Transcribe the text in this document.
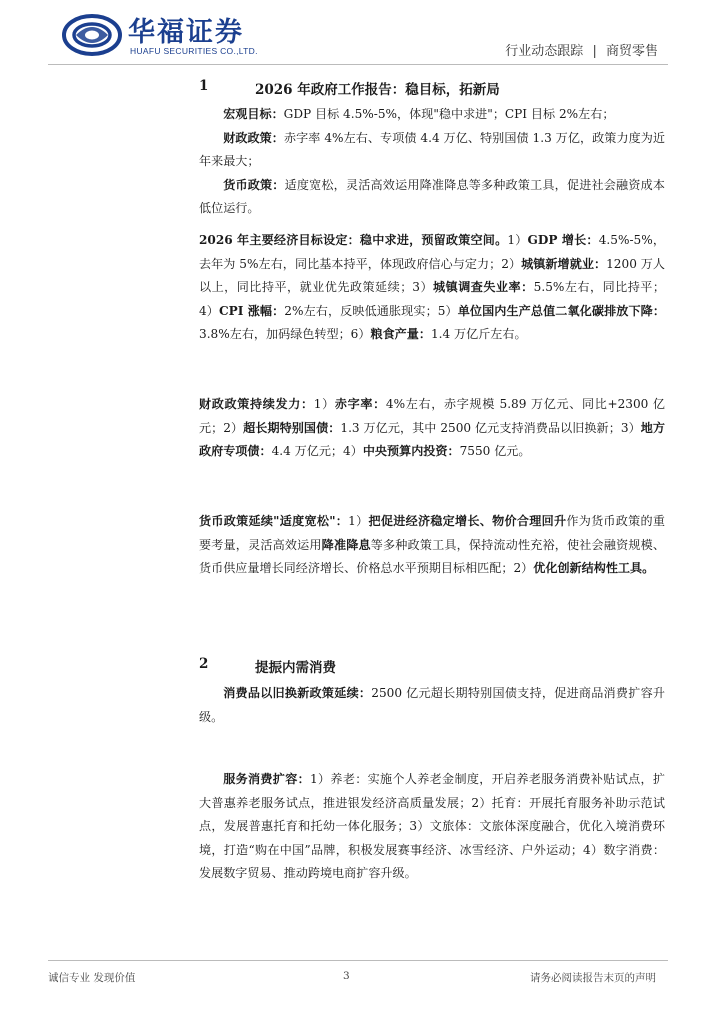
华福证券
HUAFU SECURITIES CO.,LTD.	行业动态跟踪 | 商贸零售
1	2026 年政府工作报告：稳目标，拓新局

宏观目标：GDP 目标 4.5%-5%，体现"稳中求进"；CPI 目标 2%左右；

财政政策：赤字率 4%左右、专项债 4.4 万亿、特别国债 1.3 万亿，政策力度为近年来最大；

货币政策：适度宽松，灵活高效运用降准降息等多种政策工具，促进社会融资成本低位运行。

2026 年主要经济目标设定：稳中求进，预留政策空间。1）GDP 增长：4.5%-5%，去年为 5%左右，同比基本持平，体现政府信心与定力；2）城镇新增就业：1200 万人以上，同比持平，就业优先政策延续；3）城镇调查失业率：5.5%左右，同比持平；4）CPI 涨幅：2%左右，反映低通胀现实；5）单位国内生产总值二氧化碳排放下降：3.8%左右，加码绿色转型；6）粮食产量：1.4 万亿斤左右。

财政政策持续发力：1）赤字率：4%左右，赤字规模 5.89 万亿元、同比+2300 亿元；2）超长期特别国债：1.3 万亿元，其中 2500 亿元支持消费品以旧换新；3）地方政府专项债：4.4 万亿元；4）中央预算内投资：7550 亿元。

货币政策延续"适度宽松"：1）把促进经济稳定增长、物价合理回升作为货币政策的重要考量，灵活高效运用降准降息等多种政策工具，保持流动性充裕，使社会融资规模、货币供应量增长同经济增长、价格总水平预期目标相匹配；2）优化创新结构性工具。

2	提振内需消费

消费品以旧换新政策延续：2500 亿元超长期特别国债支持，促进商品消费扩容升级。

服务消费扩容：1）养老：实施个人养老金制度，开启养老服务消费补贴试点，扩大普惠养老服务试点，推进银发经济高质量发展；2）托育：开展托育服务补助示范试点，发展普惠托育和托幼一体化服务；3）文旅体：文旅体深度融合，优化入境消费环境，打造“购在中国”品牌，积极发展赛事经济、冰雪经济、户外运动；4）数字消费：发展数字贸易、推动跨境电商扩容升级。

诚信专业 发现价值	3	请务必阅读报告末页的声明
